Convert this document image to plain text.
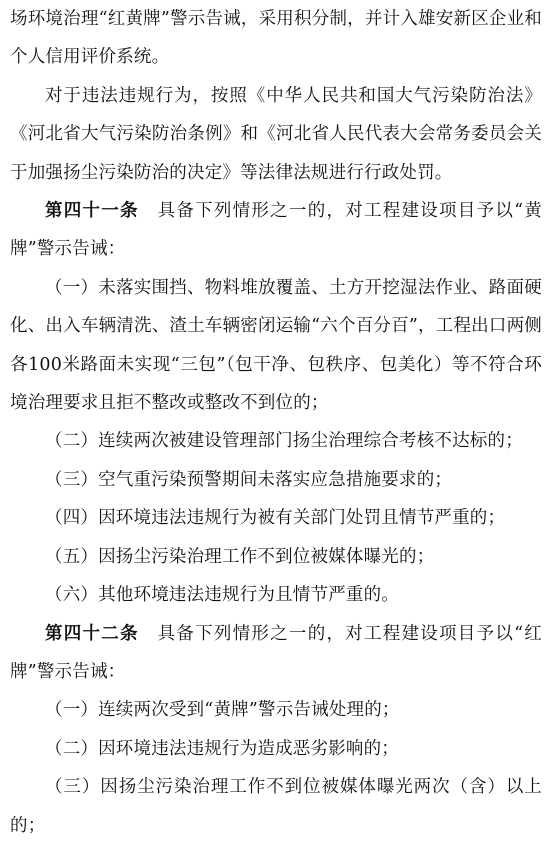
场环境治理“红黄牌”警示告诫，采用积分制，并计入雄安新区企业和个人信用评价系统。

对于违法违规行为，按照《中华人民共和国大气污染防治法》《河北省大气污染防治条例》和《河北省人民代表大会常务委员会关于加强扬尘污染防治的决定》等法律法规进行行政处罚。

第四十一条　具备下列情形之一的，对工程建设项目予以“黄牌”警示告诫：

（一）未落实围挡、物料堆放覆盖、土方开挖湿法作业、路面硬化、出入车辆清洗、渣土车辆密闭运输“六个百分百”，工程出口两侧各100米路面未实现“三包”（包干净、包秩序、包美化）等不符合环境治理要求且拒不整改或整改不到位的；

（二）连续两次被建设管理部门扬尘治理综合考核不达标的；

（三）空气重污染预警期间未落实应急措施要求的；

（四）因环境违法违规行为被有关部门处罚且情节严重的；

（五）因扬尘污染治理工作不到位被媒体曝光的；

（六）其他环境违法违规行为且情节严重的。

第四十二条　具备下列情形之一的，对工程建设项目予以“红牌”警示告诫：

（一）连续两次受到“黄牌”警示告诫处理的；

（二）因环境违法违规行为造成恶劣影响的；

（三）因扬尘污染治理工作不到位被媒体曝光两次（含）以上的；
